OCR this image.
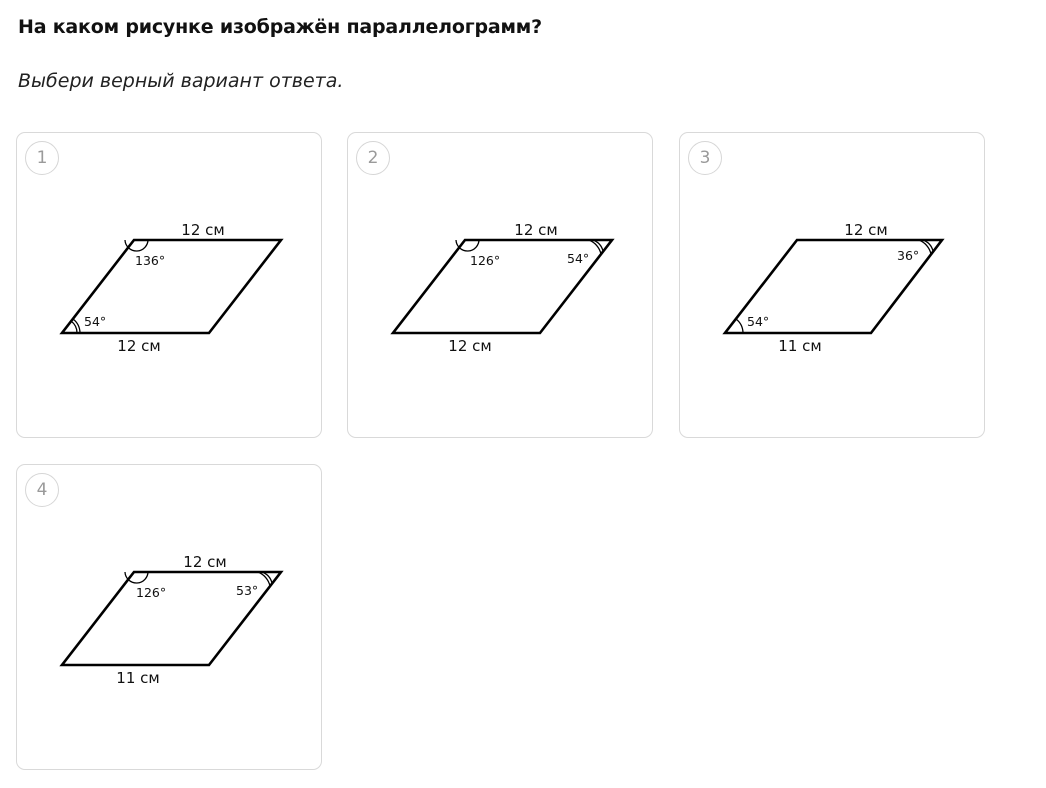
На каком рисунке изображён параллелограмм?
Выбери верный вариант ответа.
1
12 см
12 см
136°
54°
2
12 см
12 см
126°	54°
3
12 см
11 см
36°
54°
4
12 см
11 см
126°	53°
